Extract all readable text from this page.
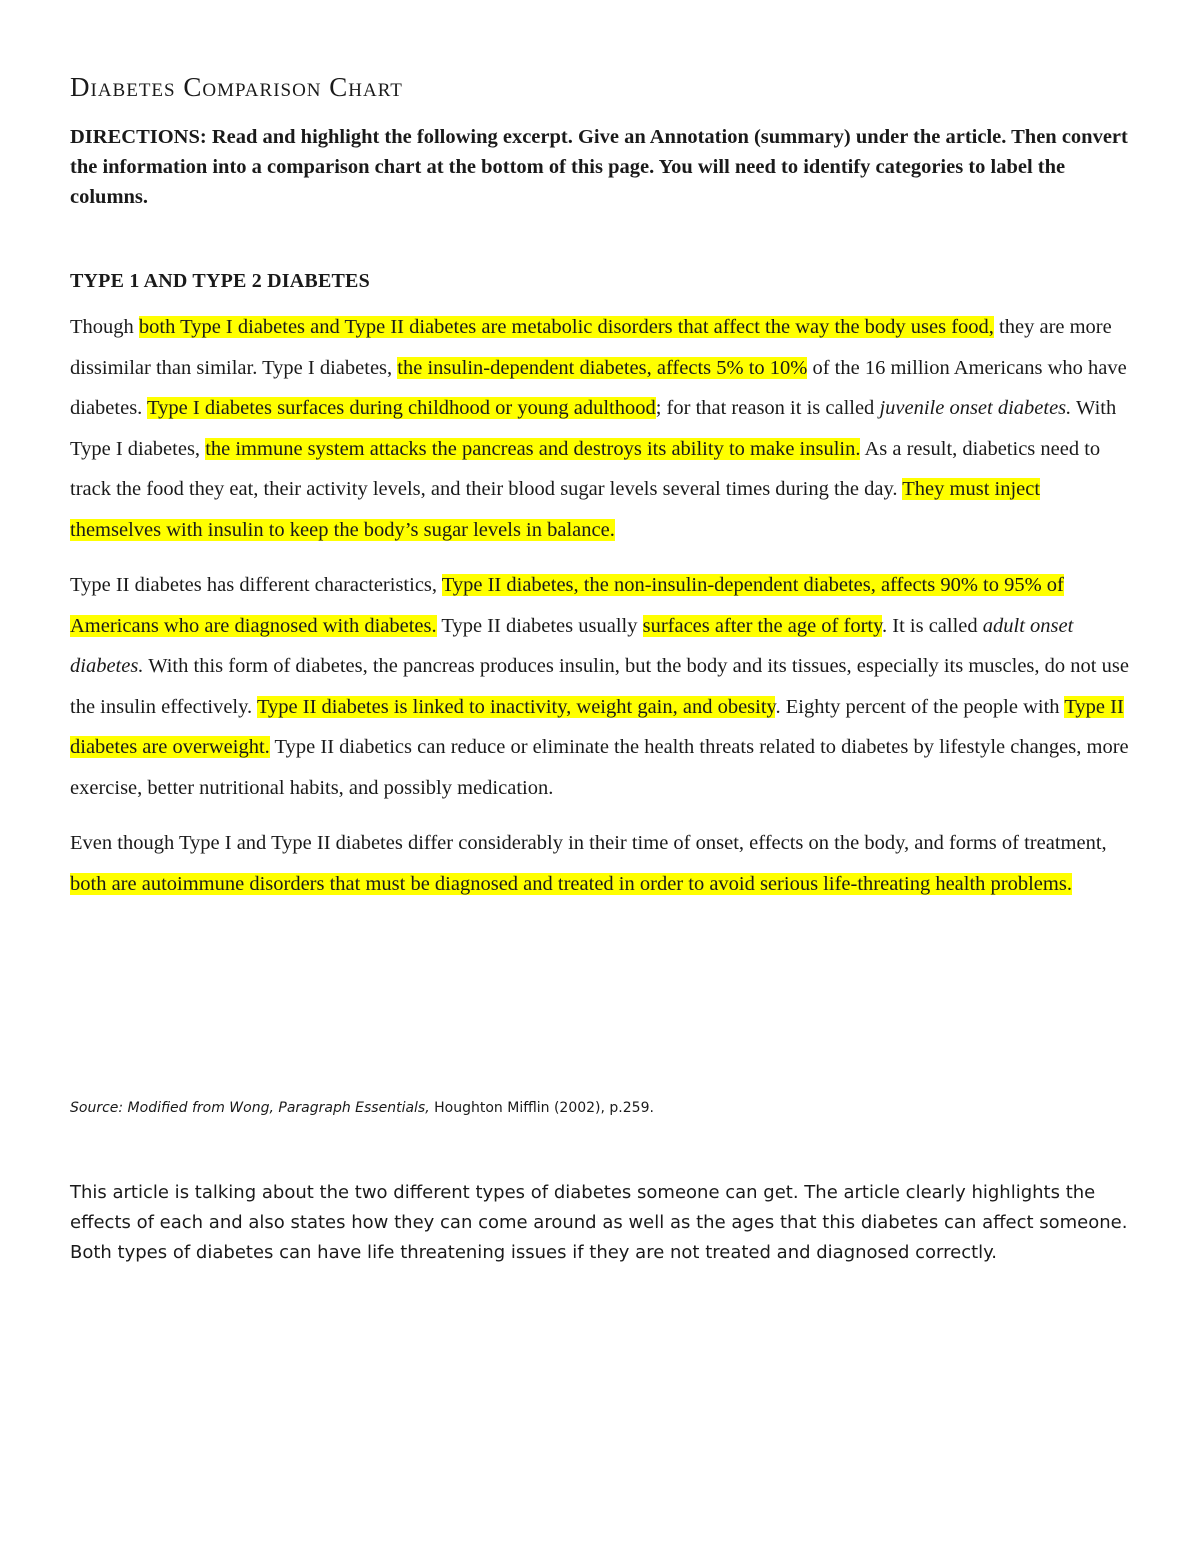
Diabetes Comparison Chart

DIRECTIONS: Read and highlight the following excerpt. Give an Annotation (summary) under the article. Then convert the information into a comparison chart at the bottom of this page. You will need to identify categories to label the columns.

TYPE 1 AND TYPE 2 DIABETES

Though both Type I diabetes and Type II diabetes are metabolic disorders that affect the way the body uses food, they are more dissimilar than similar. Type I diabetes, the insulin-dependent diabetes, affects 5% to 10% of the 16 million Americans who have diabetes. Type I diabetes surfaces during childhood or young adulthood; for that reason it is called juvenile onset diabetes. With Type I diabetes, the immune system attacks the pancreas and destroys its ability to make insulin. As a result, diabetics need to track the food they eat, their activity levels, and their blood sugar levels several times during the day. They must inject themselves with insulin to keep the body’s sugar levels in balance.

Type II diabetes has different characteristics, Type II diabetes, the non-insulin-dependent diabetes, affects 90% to 95% of Americans who are diagnosed with diabetes. Type II diabetes usually surfaces after the age of forty. It is called adult onset diabetes. With this form of diabetes, the pancreas produces insulin, but the body and its tissues, especially its muscles, do not use the insulin effectively. Type II diabetes is linked to inactivity, weight gain, and obesity. Eighty percent of the people with Type II diabetes are overweight. Type II diabetics can reduce or eliminate the health threats related to diabetes by lifestyle changes, more exercise, better nutritional habits, and possibly medication.

Even though Type I and Type II diabetes differ considerably in their time of onset, effects on the body, and forms of treatment, both are autoimmune disorders that must be diagnosed and treated in order to avoid serious life-threating health problems.

Source: Modified from Wong, Paragraph Essentials, Houghton Mifflin (2002), p.259.

This article is talking about the two different types of diabetes someone can get. The article clearly highlights the effects of each and also states how they can come around as well as the ages that this diabetes can affect someone. Both types of diabetes can have life threatening issues if they are not treated and diagnosed correctly.
